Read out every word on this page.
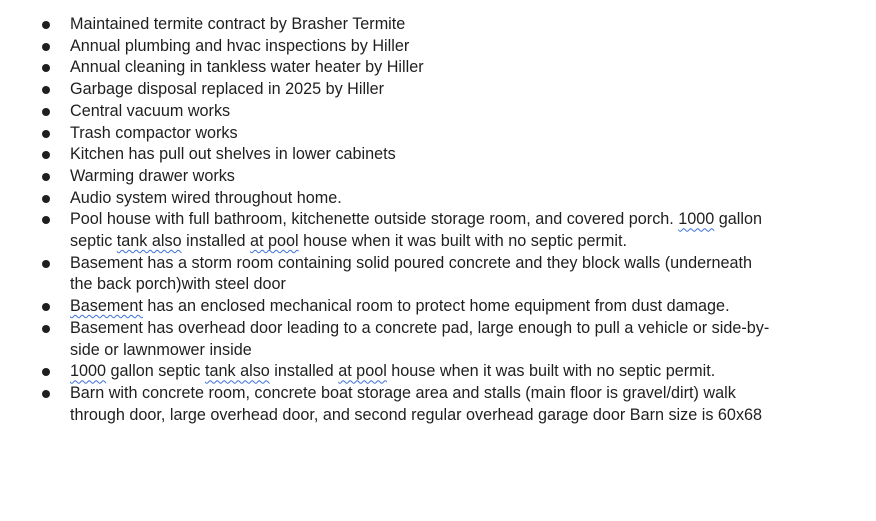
Maintained termite contract by Brasher Termite
Annual plumbing and hvac inspections by Hiller
Annual cleaning in tankless water heater by Hiller
Garbage disposal replaced in 2025 by Hiller
Central vacuum works
Trash compactor works
Kitchen has pull out shelves in lower cabinets
Warming drawer works
Audio system wired throughout home.
Pool house with full bathroom, kitchenette outside storage room, and covered porch. 1000 gallon septic tank also installed at pool house when it was built with no septic permit.
Basement has a storm room containing solid poured concrete and they block walls (underneath the back porch)with steel door
Basement has an enclosed mechanical room to protect home equipment from dust damage.
Basement has overhead door leading to a concrete pad, large enough to pull a vehicle or side-by-side or lawnmower inside
1000 gallon septic tank also installed at pool house when it was built with no septic permit.
Barn with concrete room, concrete boat storage area and stalls (main floor is gravel/dirt) walk through door, large overhead door, and second regular overhead garage door Barn size is 60x68
